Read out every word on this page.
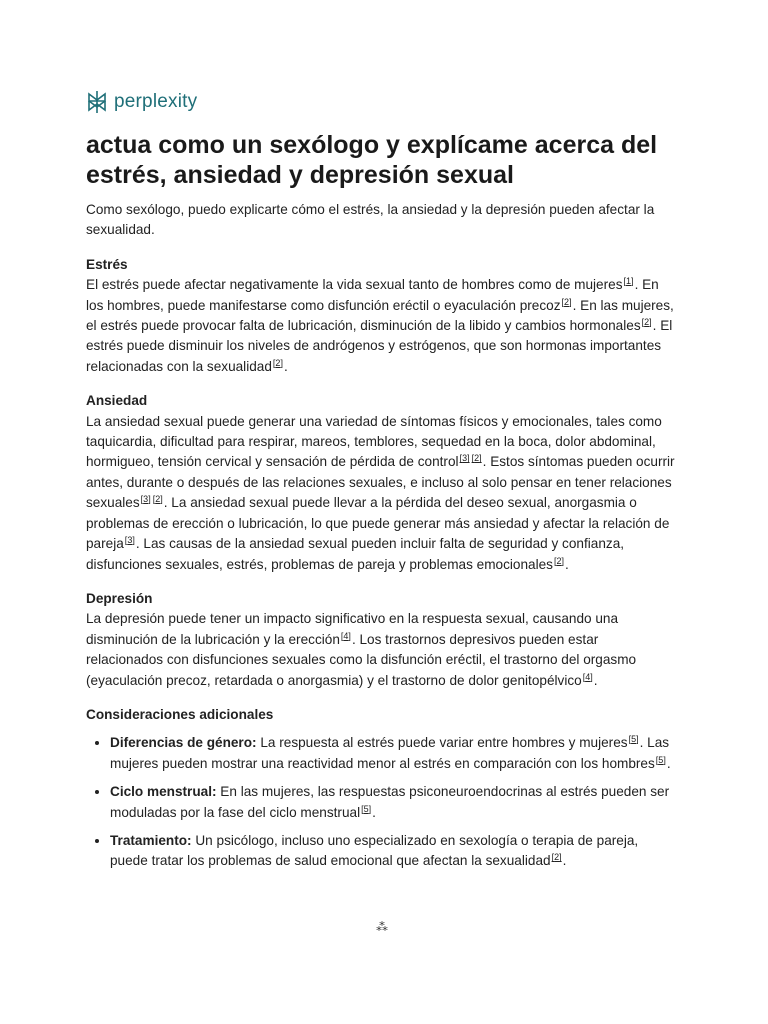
perplexity
actua como un sexólogo y explícame acerca del estrés, ansiedad y depresión sexual

Como sexólogo, puedo explicarte cómo el estrés, la ansiedad y la depresión pueden afectar la sexualidad.

Estrés

El estrés puede afectar negativamente la vida sexual tanto de hombres como de mujeres[1]. En los hombres, puede manifestarse como disfunción eréctil o eyaculación precoz[2]. En las mujeres, el estrés puede provocar falta de lubricación, disminución de la libido y cambios hormonales[2]. El estrés puede disminuir los niveles de andrógenos y estrógenos, que son hormonas importantes relacionadas con la sexualidad[2].

Ansiedad

La ansiedad sexual puede generar una variedad de síntomas físicos y emocionales, tales como taquicardia, dificultad para respirar, mareos, temblores, sequedad en la boca, dolor abdominal, hormigueo, tensión cervical y sensación de pérdida de control[3] [2]. Estos síntomas pueden ocurrir antes, durante o después de las relaciones sexuales, e incluso al solo pensar en tener relaciones sexuales[3] [2]. La ansiedad sexual puede llevar a la pérdida del deseo sexual, anorgasmia o problemas de erección o lubricación, lo que puede generar más ansiedad y afectar la relación de pareja[3]. Las causas de la ansiedad sexual pueden incluir falta de seguridad y confianza, disfunciones sexuales, estrés, problemas de pareja y problemas emocionales[2].

Depresión

La depresión puede tener un impacto significativo en la respuesta sexual, causando una disminución de la lubricación y la erección[4]. Los trastornos depresivos pueden estar relacionados con disfunciones sexuales como la disfunción eréctil, el trastorno del orgasmo (eyaculación precoz, retardada o anorgasmia) y el trastorno de dolor genitopélvico[4].

Consideraciones adicionales
• Diferencias de género: La respuesta al estrés puede variar entre hombres y mujeres[5]. Las mujeres pueden mostrar una reactividad menor al estrés en comparación con los hombres[5].
• Ciclo menstrual: En las mujeres, las respuestas psiconeuroendocrinas al estrés pueden ser moduladas por la fase del ciclo menstrual[5].
• Tratamiento: Un psicólogo, incluso uno especializado en sexología o terapia de pareja, puede tratar los problemas de salud emocional que afectan la sexualidad[2].
⁂
